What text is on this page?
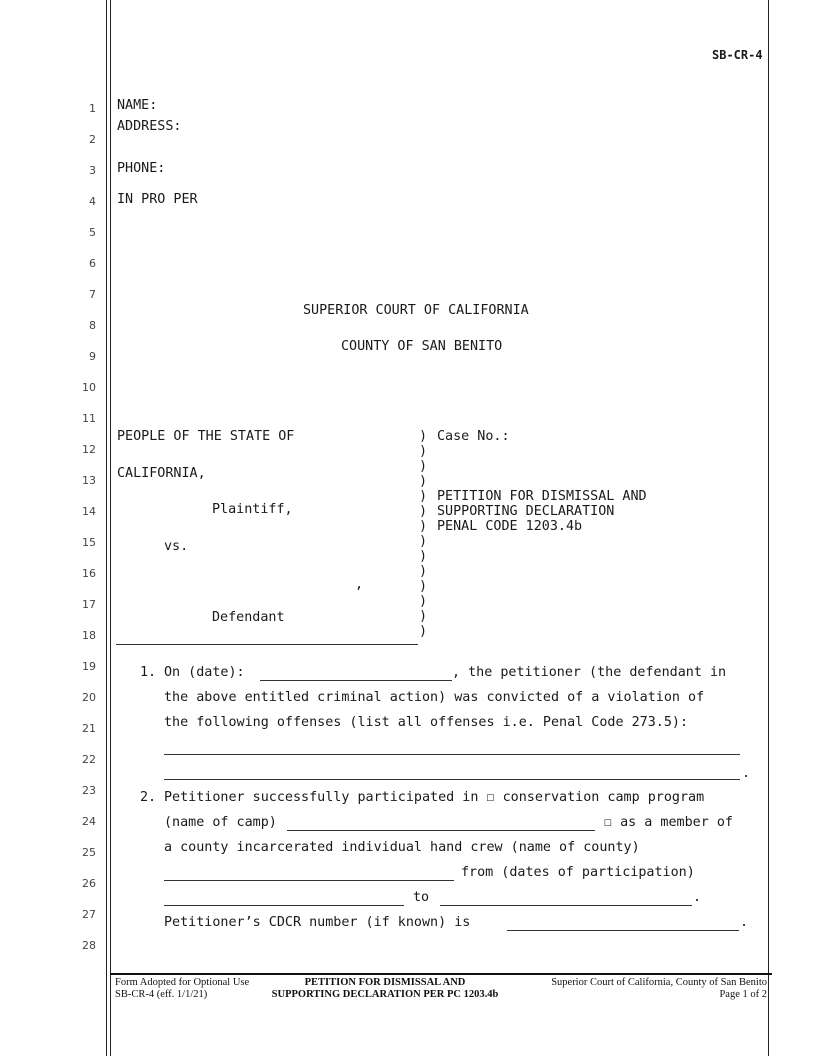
SB-CR-4
1
2
3
4
5
6
7
8
9
10
11
12
13
14
15
16
17
18
19
20
21
22
23
24
25
26
27
28
NAME:
ADDRESS:
PHONE:
IN PRO PER
SUPERIOR COURT OF CALIFORNIA
COUNTY OF SAN BENITO
PEOPLE OF THE STATE OF
CALIFORNIA,
Plaintiff,
vs.
,
Defendant
)
)
)
)
)
)
)
)
)
)
)
)
)
)
Case No.:
PETITION FOR DISMISSAL AND
SUPPORTING DECLARATION
PENAL CODE 1203.4b
1. On (date):	, the petitioner (the defendant in
the above entitled criminal action) was convicted of a violation of
the following offenses (list all offenses i.e. Penal Code 273.5):
.
2. Petitioner successfully participated in ☐ conservation camp program
(name of camp)	☐ as a member of
a county incarcerated individual hand crew (name of county)
from (dates of participation)
to	.
Petitioner’s CDCR number (if known) is	.
Form Adopted for Optional Use
SB-CR-4 (eff. 1/1/21)
PETITION FOR DISMISSAL AND
SUPPORTING DECLARATION PER PC 1203.4b
Superior Court of California, County of San Benito
Page 1 of 2
